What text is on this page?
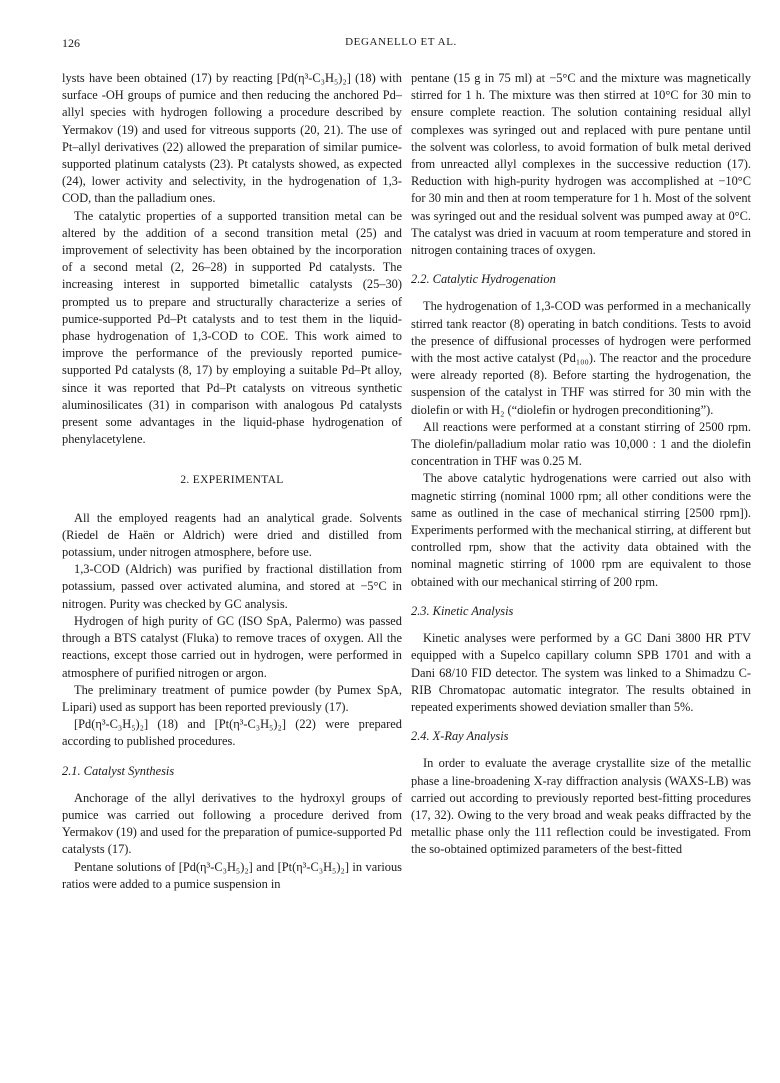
126	DEGANELLO ET AL.

lysts have been obtained (17) by reacting [Pd(η³-C₃H₅)₂] (18) with surface -OH groups of pumice and then reducing the anchored Pd–allyl species with hydrogen following a procedure described by Yermakov (19) and used for vitreous supports (20, 21). The use of Pt–allyl derivatives (22) allowed the preparation of similar pumice-supported platinum catalysts (23). Pt catalysts showed, as expected (24), lower activity and selectivity, in the hydrogenation of 1,3-COD, than the palladium ones.

The catalytic properties of a supported transition metal can be altered by the addition of a second transition metal (25) and improvement of selectivity has been obtained by the incorporation of a second metal (2, 26–28) in supported Pd catalysts. The increasing interest in supported bimetallic catalysts (25–30) prompted us to prepare and structurally characterize a series of pumice-supported Pd–Pt catalysts and to test them in the liquid-phase hydrogenation of 1,3-COD to COE. This work aimed to improve the performance of the previously reported pumice-supported Pd catalysts (8, 17) by employing a suitable Pd–Pt alloy, since it was reported that Pd–Pt catalysts on vitreous synthetic aluminosilicates (31) in comparison with analogous Pd catalysts present some advantages in the liquid-phase hydrogenation of phenylacetylene.

2. EXPERIMENTAL

All the employed reagents had an analytical grade. Solvents (Riedel de Haën or Aldrich) were dried and distilled from potassium, under nitrogen atmosphere, before use.

1,3-COD (Aldrich) was purified by fractional distillation from potassium, passed over activated alumina, and stored at −5°C in nitrogen. Purity was checked by GC analysis.

Hydrogen of high purity of GC (ISO SpA, Palermo) was passed through a BTS catalyst (Fluka) to remove traces of oxygen. All the reactions, except those carried out in hydrogen, were performed in atmosphere of purified nitrogen or argon.

The preliminary treatment of pumice powder (by Pumex SpA, Lipari) used as support has been reported previously (17).

[Pd(η³-C₃H₅)₂] (18) and [Pt(η³-C₃H₅)₂] (22) were prepared according to published procedures.

2.1. Catalyst Synthesis

Anchorage of the allyl derivatives to the hydroxyl groups of pumice was carried out following a procedure derived from Yermakov (19) and used for the preparation of pumice-supported Pd catalysts (17).

Pentane solutions of [Pd(η³-C₃H₅)₂] and [Pt(η³-C₃H₅)₂] in various ratios were added to a pumice suspension in

pentane (15 g in 75 ml) at −5°C and the mixture was magnetically stirred for 1 h. The mixture was then stirred at 10°C for 30 min to ensure complete reaction. The solution containing residual allyl complexes was syringed out and replaced with pure pentane until the solvent was colorless, to avoid formation of bulk metal derived from unreacted allyl complexes in the successive reduction (17). Reduction with high-purity hydrogen was accomplished at −10°C for 30 min and then at room temperature for 1 h. Most of the solvent was syringed out and the residual solvent was pumped away at 0°C. The catalyst was dried in vacuum at room temperature and stored in nitrogen containing traces of oxygen.

2.2. Catalytic Hydrogenation

The hydrogenation of 1,3-COD was performed in a mechanically stirred tank reactor (8) operating in batch conditions. Tests to avoid the presence of diffusional processes of hydrogen were performed with the most active catalyst (Pd₁₀₀). The reactor and the procedure were already reported (8). Before starting the hydrogenation, the suspension of the catalyst in THF was stirred for 30 min with the diolefin or with H₂ (“diolefin or hydrogen preconditioning”).

All reactions were performed at a constant stirring of 2500 rpm. The diolefin/palladium molar ratio was 10,000 : 1 and the diolefin concentration in THF was 0.25 M.

The above catalytic hydrogenations were carried out also with magnetic stirring (nominal 1000 rpm; all other conditions were the same as outlined in the case of mechanical stirring [2500 rpm]). Experiments performed with the mechanical stirring, at different but controlled rpm, show that the activity data obtained with the nominal magnetic stirring of 1000 rpm are equivalent to those obtained with our mechanical stirring of 200 rpm.

2.3. Kinetic Analysis

Kinetic analyses were performed by a GC Dani 3800 HR PTV equipped with a Supelco capillary column SPB 1701 and with a Dani 68/10 FID detector. The system was linked to a Shimadzu C-RIB Chromatopac automatic integrator. The results obtained in repeated experiments showed deviation smaller than 5%.

2.4. X-Ray Analysis

In order to evaluate the average crystallite size of the metallic phase a line-broadening X-ray diffraction analysis (WAXS-LB) was carried out according to previously reported best-fitting procedures (17, 32). Owing to the very broad and weak peaks diffracted by the metallic phase only the 111 reflection could be investigated. From the so-obtained optimized parameters of the best-fitted
